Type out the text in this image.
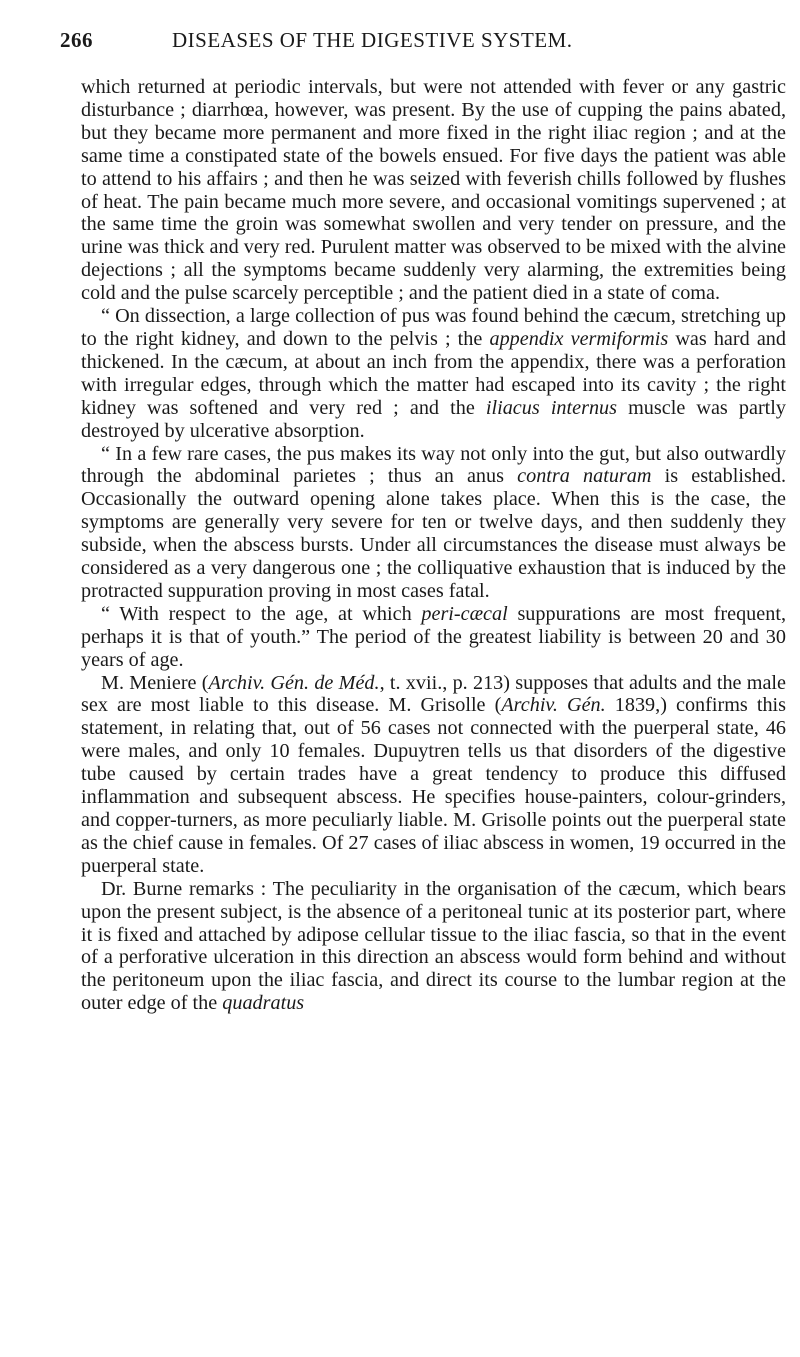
266	DISEASES OF THE DIGESTIVE SYSTEM.

which returned at periodic intervals, but were not attended with fever or any gastric disturbance ; diarrhœa, however, was present. By the use of cupping the pains abated, but they became more permanent and more fixed in the right iliac region ; and at the same time a constipated state of the bowels ensued. For five days the patient was able to attend to his affairs ; and then he was seized with feverish chills followed by flushes of heat. The pain became much more severe, and occasional vomitings supervened ; at the same time the groin was somewhat swollen and very tender on pressure, and the urine was thick and very red. Purulent matter was observed to be mixed with the alvine dejections ; all the symptoms became suddenly very alarming, the extremities being cold and the pulse scarcely perceptible ; and the patient died in a state of coma.

“ On dissection, a large collection of pus was found behind the cæcum, stretching up to the right kidney, and down to the pelvis ; the appendix vermiformis was hard and thickened. In the cæcum, at about an inch from the appendix, there was a perforation with irregular edges, through which the matter had escaped into its cavity ; the right kidney was softened and very red ; and the iliacus internus muscle was partly destroyed by ulcerative absorption.

“ In a few rare cases, the pus makes its way not only into the gut, but also outwardly through the abdominal parietes ; thus an anus contra naturam is established. Occasionally the outward opening alone takes place. When this is the case, the symptoms are generally very severe for ten or twelve days, and then suddenly they subside, when the abscess bursts. Under all circumstances the disease must always be considered as a very dangerous one ; the colliquative exhaustion that is induced by the protracted suppuration proving in most cases fatal.

“ With respect to the age, at which peri-cæcal suppurations are most frequent, perhaps it is that of youth.” The period of the greatest liability is between 20 and 30 years of age.

M. Meniere (Archiv. Gén. de Méd., t. xvii., p. 213) supposes that adults and the male sex are most liable to this disease. M. Grisolle (Archiv. Gén. 1839,) confirms this statement, in relating that, out of 56 cases not connected with the puerperal state, 46 were males, and only 10 females. Dupuytren tells us that disorders of the digestive tube caused by certain trades have a great tendency to produce this diffused inflammation and subsequent abscess. He specifies house-painters, colour-grinders, and copper-turners, as more peculiarly liable. M. Grisolle points out the puerperal state as the chief cause in females. Of 27 cases of iliac abscess in women, 19 occurred in the puerperal state.

Dr. Burne remarks : The peculiarity in the organisation of the cæcum, which bears upon the present subject, is the absence of a peritoneal tunic at its posterior part, where it is fixed and attached by adipose cellular tissue to the iliac fascia, so that in the event of a perforative ulceration in this direction an abscess would form behind and without the peritoneum upon the iliac fascia, and direct its course to the lumbar region at the outer edge of the quadratus
